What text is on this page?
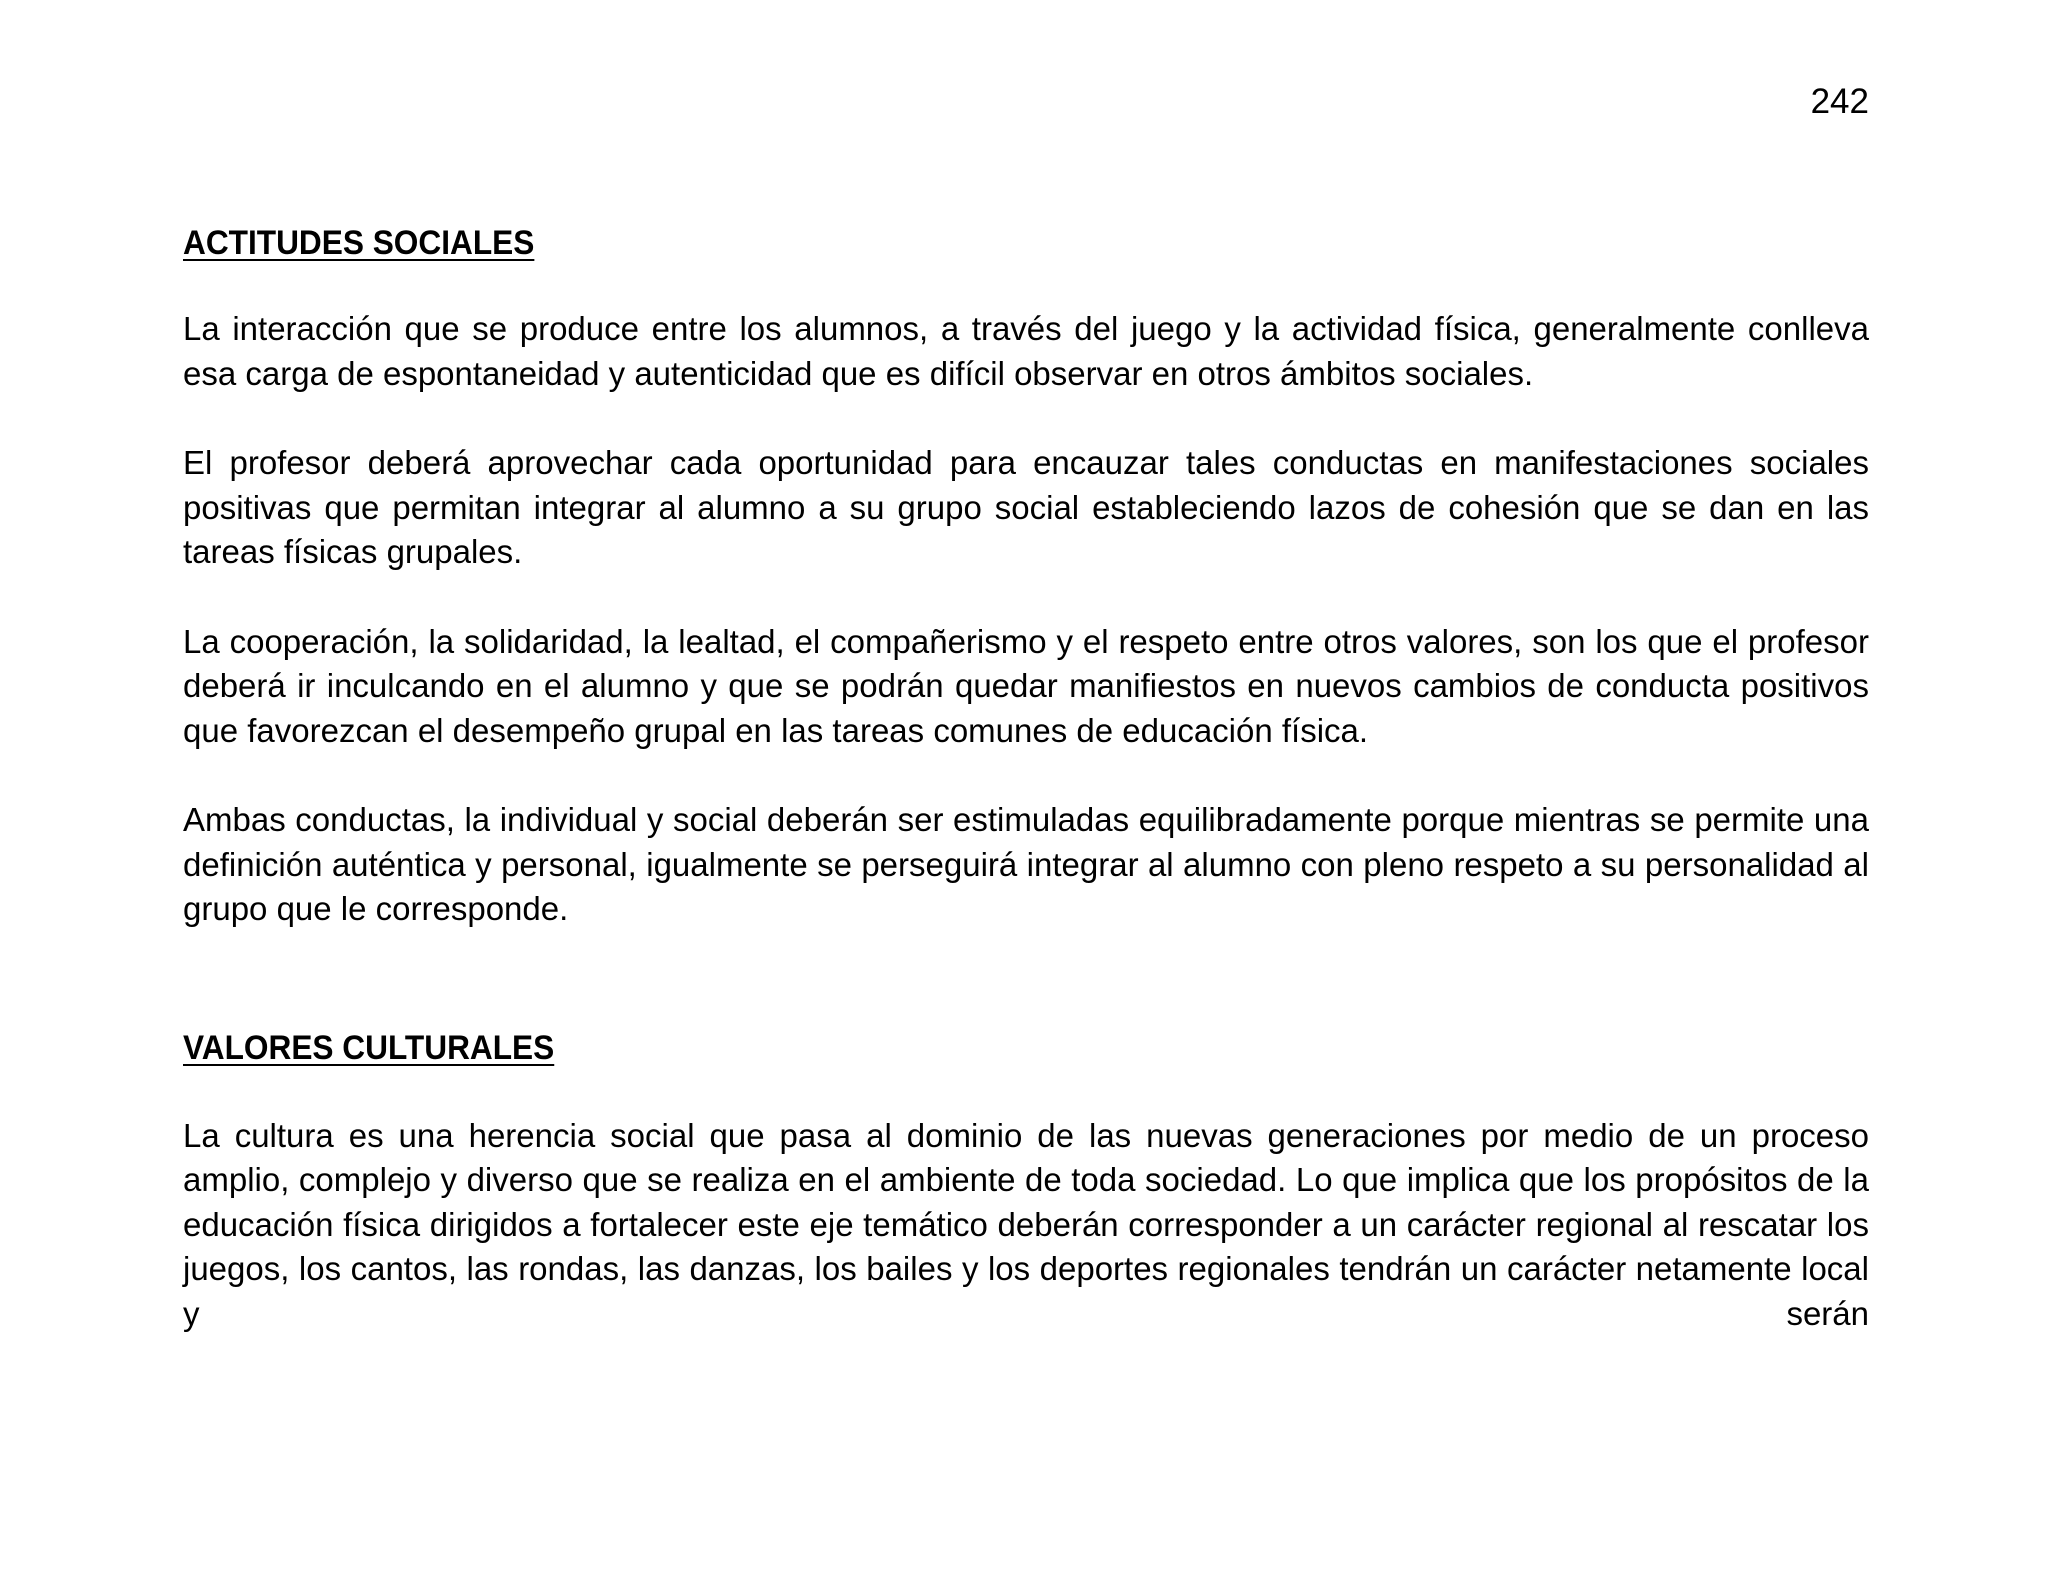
242
ACTITUDES SOCIALES

La interacción que se produce entre los alumnos, a través del juego y la actividad física, generalmente conlleva esa carga de espontaneidad y autenticidad que es difícil observar en otros ámbitos sociales.

El profesor deberá aprovechar cada oportunidad para encauzar tales conductas en manifestaciones sociales positivas que permitan integrar al alumno a su grupo social estableciendo lazos de cohesión que se dan en las tareas físicas grupales.

La cooperación, la solidaridad, la lealtad, el compañerismo y el respeto entre otros valores, son los que el profesor deberá ir inculcando en el alumno y que se podrán quedar manifiestos en nuevos cambios de conducta positivos que favorezcan el desempeño grupal en las tareas comunes de educación física.

Ambas conductas, la individual y social deberán ser estimuladas equilibradamente porque mientras se permite una definición auténtica y personal, igualmente se perseguirá integrar al alumno con pleno respeto a su personalidad al grupo que le corresponde.

VALORES CULTURALES

La cultura es una herencia social que pasa al dominio de las nuevas generaciones por medio de un proceso amplio, complejo y diverso que se realiza en el ambiente de toda sociedad. Lo que implica que los propósitos de la educación física dirigidos a fortalecer este eje temático deberán corresponder a un carácter regional al rescatar los juegos, los cantos, las rondas, las danzas, los bailes y los deportes regionales tendrán un carácter netamente local y serán
